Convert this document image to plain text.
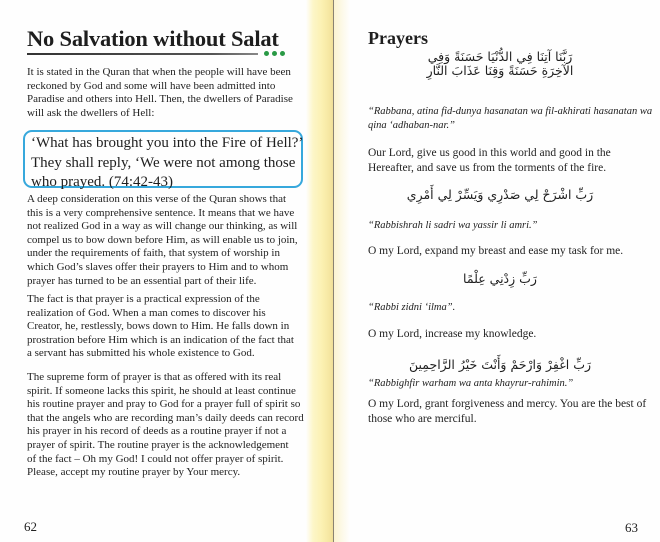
No Salvation without Salat

It is stated in the Quran that when the people will have been
reckoned by God and some will have been admitted into
Paradise and others into Hell. Then, the dwellers of Paradise
will ask the dwellers of Hell:

‘What has brought you into the Fire of Hell?’
They shall reply, ‘We were not among those
who prayed. (74:42-43)

A deep consideration on this verse of the Quran shows that
this is a very comprehensive sentence. It means that we have
not realized God in a way as will change our thinking, as will
compel us to bow down before Him, as will enable us to join,
under the requirements of faith, that system of worship in
which God’s slaves offer their prayers to Him and to whom
prayer has turned to be an essential part of their life.

The fact is that prayer is a practical expression of the
realization of God. When a man comes to discover his
Creator, he, restlessly, bows down to Him. He falls down in
prostration before Him which is an indication of the fact that
a servant has submitted his whole existence to God.

The supreme form of prayer is that as offered with its real
spirit. If someone lacks this spirit, he should at least continue
his routine prayer and pray to God for a prayer full of spirit so
that the angels who are recording man’s daily deeds can record
his prayer in his record of deeds as a routine prayer if not a
prayer of spirit. The routine prayer is the acknowledgement
of the fact – Oh my God! I could not offer prayer of spirit.
Please, accept my routine prayer by Your mercy.

62
Prayers
رَبَّنَا آتِنَا فِي الدُّنْيَا حَسَنَةً وَفِي
الآخِرَةِ حَسَنَةً وَقِنَا عَذَابَ النَّارِ

“Rabbana, atina fid-dunya hasanatan wa fil-akhirati hasanatan wa
qina ‘adhaban-nar.”

Our Lord, give us good in this world and good in the
Hereafter, and save us from the torments of the fire.

رَبِّ اشْرَحْ لِي صَدْرِي وَيَسِّرْ لِي أَمْرِي

“Rabbishrah li sadri wa yassir li amri.”

O my Lord, expand my breast and ease my task for me.

رَبِّ زِدْنِي عِلْمًا

“Rabbi zidni ‘ilma”.

O my Lord, increase my knowledge.

رَبِّ اغْفِرْ وَارْحَمْ وَأَنْتَ خَيْرُ الرَّاحِمِينَ

“Rabbighfir warham wa anta khayrur-rahimin.”

O my Lord, grant forgiveness and mercy. You are the best of
those who are merciful.

63
